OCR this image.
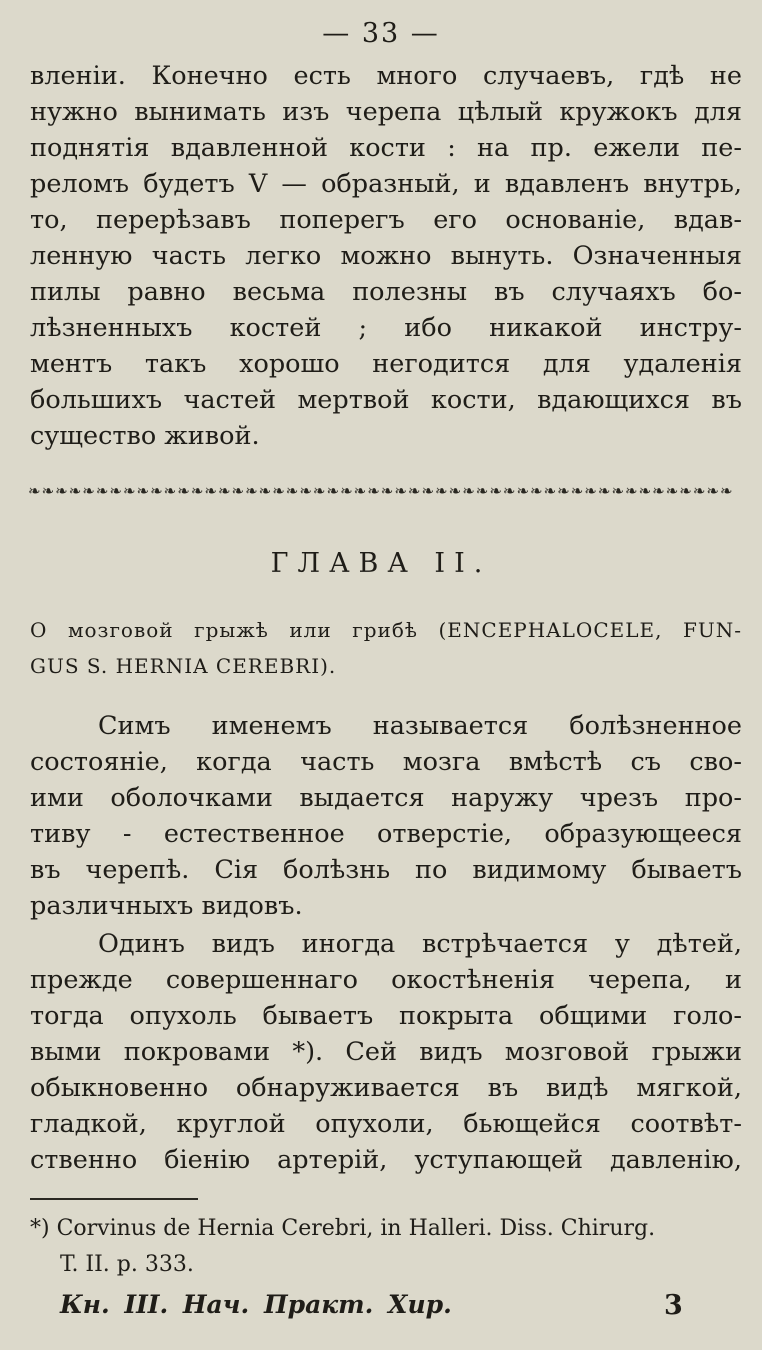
— 33 —
вленіи. Конечно есть много случаевъ, гдѣ не
нужно вынимать изъ черепа цѣлый кружокъ для
поднятія вдавленной кости : на пр. ежели пе-
реломъ будетъ V — образный, и вдавленъ внутрь,
то, перерѣзавъ поперегъ его основаніе, вдав-
ленную часть легко можно вынуть. Означенныя
пилы равно весьма полезны въ случаяхъ бо-
лѣзненныхъ костей ; ибо никакой инстру-
ментъ такъ хорошо негодится для удаленія
большихъ частей мертвой кости, вдающихся въ
существо живой.
❧❧❧❧❧❧❧❧❧❧❧❧❧❧❧❧❧❧❧❧❧❧❧❧❧❧❧❧❧❧❧❧❧❧❧❧❧❧❧❧❧❧❧❧❧❧❧❧❧❧❧❧
ГЛАВА II.
О мозговой грыжѣ или грибѣ (ENCEPHALOCELE, FUN-
GUS S. HERNIA CEREBRI).
Симъ именемъ называется болѣзненное
состояніе, когда часть мозга вмѣстѣ съ сво-
ими оболочками выдается наружу чрезъ про-
тиву - естественное отверстіе, образующееся
въ черепѣ. Сія болѣзнь по видимому бываетъ
различныхъ видовъ.
Одинъ видъ иногда встрѣчается у дѣтей,
прежде совершеннаго окостѣненія черепа, и
тогда опухоль бываетъ покрыта общими голо-
выми покровами *). Сей видъ мозговой грыжи
обыкновенно обнаруживается въ видѣ мягкой,
гладкой, круглой опухоли, бьющейся соотвѣт-
ственно біенію артерій, уступающей давленію,
*) Corvinus de Hernia Cerebri, in Halleri. Diss. Chirurg.
T. II. p. 333.
Кн. III. Нач. Практ. Хир.	3
